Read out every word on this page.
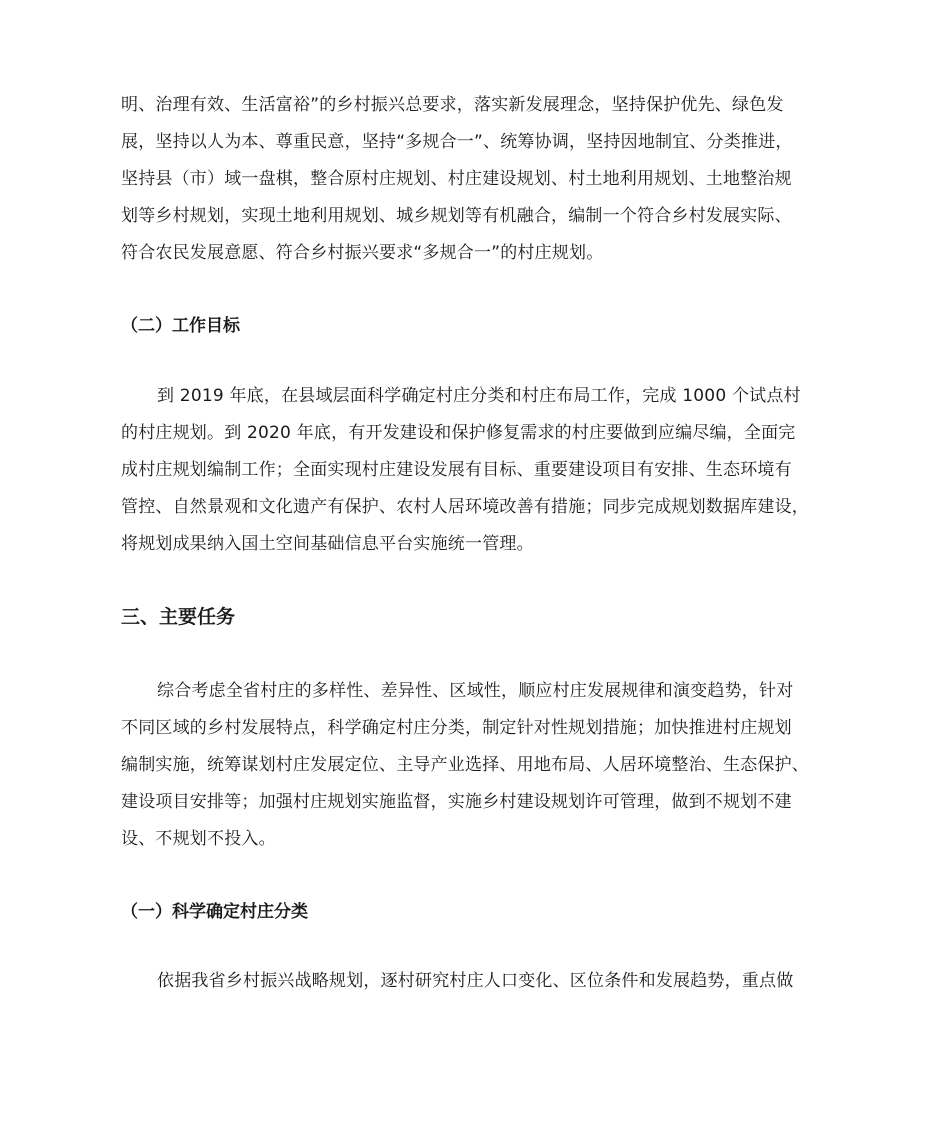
明、治理有效、生活富裕”的乡村振兴总要求，落实新发展理念，坚持保护优先、绿色发
展，坚持以人为本、尊重民意，坚持“多规合一”、统筹协调，坚持因地制宜、分类推进，
坚持县（市）域一盘棋，整合原村庄规划、村庄建设规划、村土地利用规划、土地整治规
划等乡村规划，实现土地利用规划、城乡规划等有机融合，编制一个符合乡村发展实际、
符合农民发展意愿、符合乡村振兴要求“多规合一”的村庄规划。
（二）工作目标
到 2019 年底，在县域层面科学确定村庄分类和村庄布局工作，完成 1000 个试点村
的村庄规划。到 2020 年底，有开发建设和保护修复需求的村庄要做到应编尽编，全面完
成村庄规划编制工作；全面实现村庄建设发展有目标、重要建设项目有安排、生态环境有
管控、自然景观和文化遗产有保护、农村人居环境改善有措施；同步完成规划数据库建设，
将规划成果纳入国土空间基础信息平台实施统一管理。
三、主要任务
综合考虑全省村庄的多样性、差异性、区域性，顺应村庄发展规律和演变趋势，针对
不同区域的乡村发展特点，科学确定村庄分类，制定针对性规划措施；加快推进村庄规划
编制实施，统筹谋划村庄发展定位、主导产业选择、用地布局、人居环境整治、生态保护、
建设项目安排等；加强村庄规划实施监督，实施乡村建设规划许可管理，做到不规划不建
设、不规划不投入。
（一）科学确定村庄分类
依据我省乡村振兴战略规划，逐村研究村庄人口变化、区位条件和发展趋势，重点做
